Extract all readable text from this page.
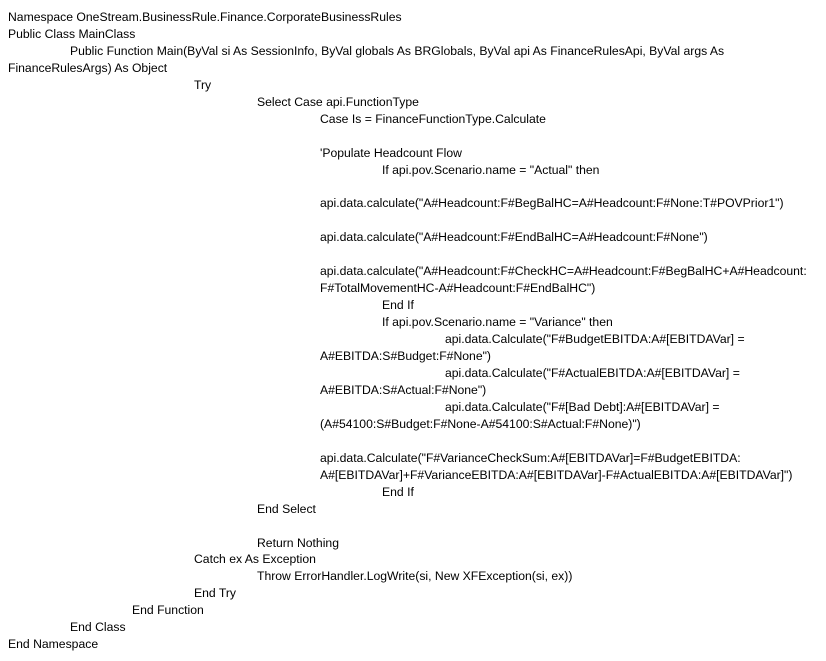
Namespace OneStream.BusinessRule.Finance.CorporateBusinessRules
Public Class MainClass
Public Function Main(ByVal si As SessionInfo, ByVal globals As BRGlobals, ByVal api As FinanceRulesApi, ByVal args As
FinanceRulesArgs) As Object
Try
Select Case api.FunctionType
Case Is = FinanceFunctionType.Calculate
'Populate Headcount Flow
If api.pov.Scenario.name = "Actual" then
api.data.calculate("A#Headcount:F#BegBalHC=A#Headcount:F#None:T#POVPrior1")
api.data.calculate("A#Headcount:F#EndBalHC=A#Headcount:F#None")
api.data.calculate("A#Headcount:F#CheckHC=A#Headcount:F#BegBalHC+A#Headcount:
F#TotalMovementHC-A#Headcount:F#EndBalHC")
End If
If api.pov.Scenario.name = "Variance" then
api.data.Calculate("F#BudgetEBITDA:A#[EBITDAVar] =
A#EBITDA:S#Budget:F#None")
api.data.Calculate("F#ActualEBITDA:A#[EBITDAVar] =
A#EBITDA:S#Actual:F#None")
api.data.Calculate("F#[Bad Debt]:A#[EBITDAVar] =
(A#54100:S#Budget:F#None-A#54100:S#Actual:F#None)")
api.data.Calculate("F#VarianceCheckSum:A#[EBITDAVar]=F#BudgetEBITDA:
A#[EBITDAVar]+F#VarianceEBITDA:A#[EBITDAVar]-F#ActualEBITDA:A#[EBITDAVar]")
End If
End Select
Return Nothing
Catch ex As Exception
Throw ErrorHandler.LogWrite(si, New XFException(si, ex))
End Try
End Function
End Class
End Namespace
